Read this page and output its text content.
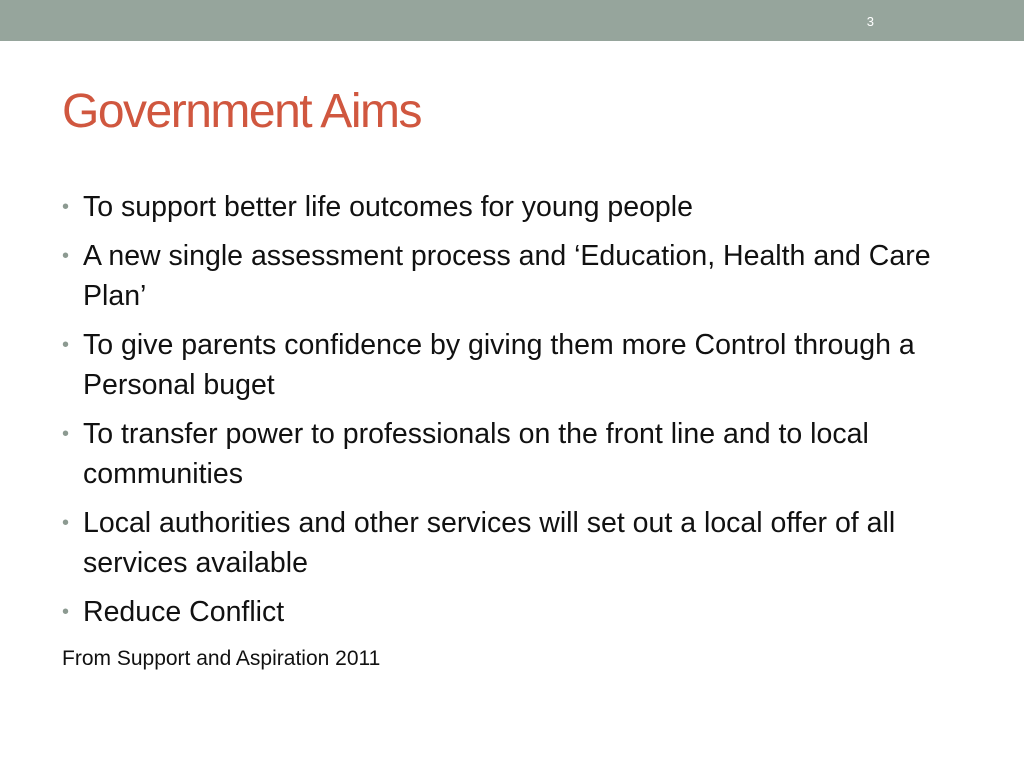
3
Government Aims
• To support better life outcomes for young people
• A new single assessment process and ‘Education, Health and Care Plan’
• To give parents confidence by giving them more Control through a Personal buget
• To transfer power to professionals on the front line and to local communities
• Local authorities and other services will set out a local offer of all services available
• Reduce Conflict

From Support and Aspiration 2011
